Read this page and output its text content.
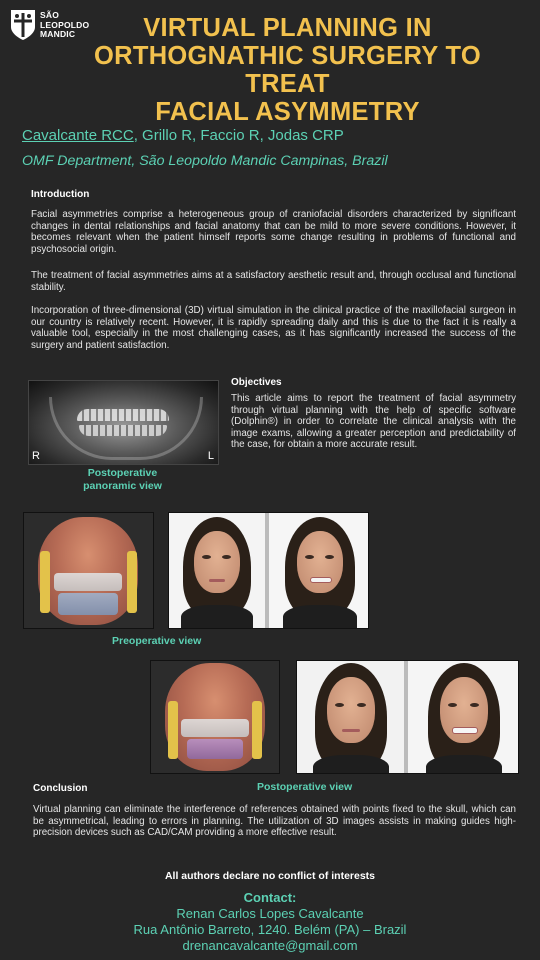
SÃO
LEOPOLDO
MANDIC	VIRTUAL PLANNING IN
ORTHOGNATHIC SURGERY TO TREAT
FACIAL ASYMMETRY
Cavalcante RCC, Grillo R, Faccio R, Jodas CRP
OMF Department, São Leopoldo Mandic Campinas, Brazil
Introduction
Facial asymmetries comprise a heterogeneous group of craniofacial disorders characterized by significant changes in dental relationships and facial anatomy that can be mild to more severe conditions. However, it becomes relevant when the patient himself reports some change resulting in problems of functional and psychosocial origin.
The treatment of facial asymmetries aims at a satisfactory aesthetic result and, through occlusal and functional stability.
Incorporation of three-dimensional (3D) virtual simulation in the clinical practice of the maxillofacial surgeon in our country is relatively recent. However, it is rapidly spreading daily and this is due to the fact it is really a valuable tool, especially in the most challenging cases, as it has significantly increased the success of the surgery and patient satisfaction.
R	L
Postoperative
panoramic view
Objectives
This article aims to report the treatment of facial asymmetry through virtual planning with the help of specific software (Dolphin®) in order to correlate the clinical analysis with the image exams, allowing a greater perception and predictability of the case, for obtain a more accurate result.
Preoperative view
Postoperative view
Conclusion
Virtual planning can eliminate the interference of references obtained with points fixed to the skull, which can be asymmetrical, leading to errors in planning. The utilization of 3D images assists in making guides high-precision devices such as CAD/CAM providing a more effective result.
All authors declare no conflict of interests
Contact:
Renan Carlos Lopes Cavalcante
Rua Antônio Barreto, 1240. Belém (PA) – Brazil
drenancavalcante@gmail.com
